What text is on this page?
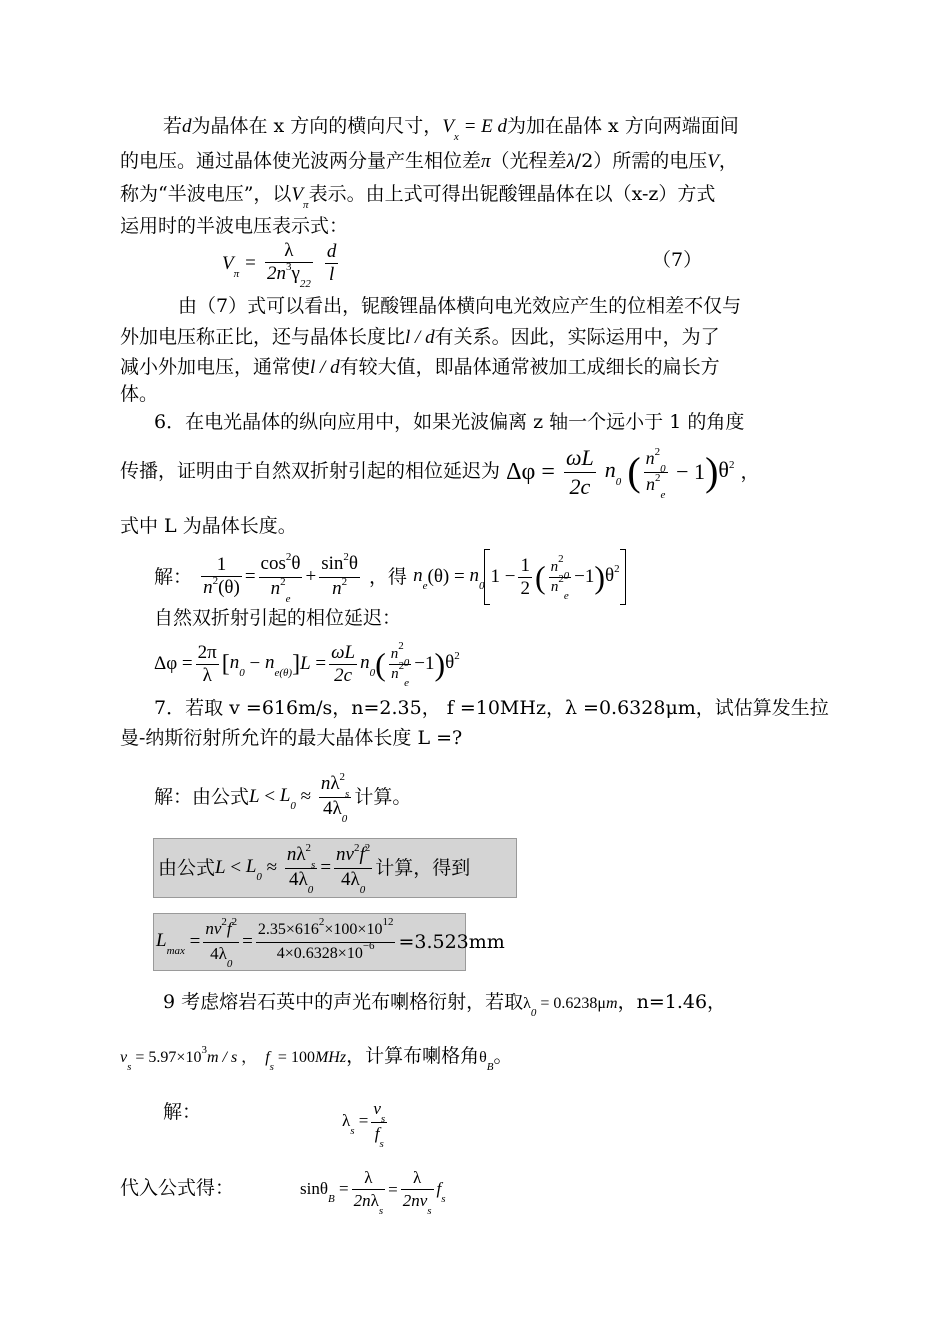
若d为晶体在 x 方向的横向尺寸，$V_x = E$ d为加在晶体 x 方向两端面间
的电压。通过晶体使光波两分量产生相位差π（光程差λ/2）所需的电压V，
称为“半波电压”，以$V_\pi$表示。由上式可得出铌酸锂晶体在以（x-z）方式
运用时的半波电压表示式：
$V_\pi = \frac{\lambda}{2n^3\gamma_{22}}$
$\frac{d}{l}$	（7）
由（7）式可以看出，铌酸锂晶体横向电光效应产生的位相差不仅与
外加电压称正比，还与晶体长度比l / d有关系。因此，实际运用中，为了
减小外加电压，通常使l / d有较大值，即晶体通常被加工成细长的扁长方
体。
6．在电光晶体的纵向应用中，如果光波偏离 z 轴一个远小于 1 的角度
传播，证明由于自然双折射引起的相位延迟为 $\Delta\varphi = \frac{\omega L}{2c} n_0$ ( $\frac{n^2_0}{n^2_e} - 1)\theta^2$ ，
式中 L 为晶体长度。
解： $\frac{1}{n^2(\theta)} = \frac{\cos^2\theta}{n^2_e} + \frac{\sin^2\theta}{n^2}$ ，得 $n_e(\theta) = n_0$ $1 - \frac{1}{2}$ ( $\frac{n^2_0}{n^2_e} -1)\theta^2$
自然双折射引起的相位延迟：
$\Delta\varphi = \frac{2\pi}{\lambda} [n_0 - n_{e(\theta)}]L = \frac{\omega L}{2c} n_0( \frac{n^2_0}{n^2_e} -1)\theta^2$
7．若取 v =616m/s，n=2.35， f =10MHz，λ =0.6328μm，试估算发生拉
曼-纳斯衍射所允许的最大晶体长度 L =?
解：由公式$L < L_0 \approx \frac{n\lambda^2_s}{4\lambda_0}$ 计算。
由公式$L < L_0 \approx \frac{n\lambda^2_s}{4\lambda_0} = \frac{nv^2f^2}{4\lambda_0}$ 计算，得到
$L_{max} = \frac{nv^2f^2}{4\lambda_0} = \frac{2.35\times 616^2\times 100\times 10^{12}}{4\times 0.6328\times 10^{-6}} =3.523mm$
9 考虑熔岩石英中的声光布喇格衍射，若取$\lambda_0 = 0.6238\mu m$，n=1.46，
$v_s = 5.97\times 10^3m / s$ ，  $f_s = 100MHz$，计算布喇格角$\theta_B$。
解：	$\lambda_s = \frac{v_s}{f_s}$
代入公式得：	$\sin\theta_B = \frac{\lambda}{2n\lambda_s} = \frac{\lambda}{2nv_s} f_s$
